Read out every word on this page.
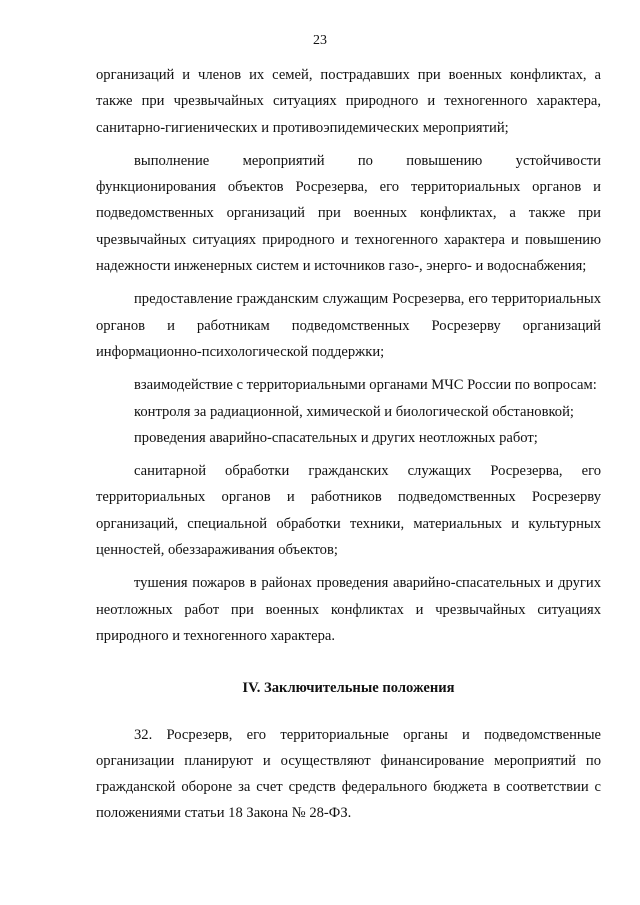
23

организаций и членов их семей, пострадавших при военных конфликтах, а также при чрезвычайных ситуациях природного и техногенного характера, санитарно-гигиенических и противоэпидемических мероприятий;

выполнение мероприятий по повышению устойчивости функционирования объектов Росрезерва, его территориальных органов и подведомственных организаций при военных конфликтах, а также при чрезвычайных ситуациях природного и техногенного характера и повышению надежности инженерных систем и источников газо-, энерго- и водоснабжения;

предоставление гражданским служащим Росрезерва, его территориальных органов и работникам подведомственных Росрезерву организаций информационно-психологической поддержки;

взаимодействие с территориальными органами МЧС России по вопросам:

контроля за радиационной, химической и биологической обстановкой;

проведения аварийно-спасательных и других неотложных работ;

санитарной обработки гражданских служащих Росрезерва, его территориальных органов и работников подведомственных Росрезерву организаций, специальной обработки техники, материальных и культурных ценностей, обеззараживания объектов;

тушения пожаров в районах проведения аварийно-спасательных и других неотложных работ при военных конфликтах и чрезвычайных ситуациях природного и техногенного характера.

IV. Заключительные положения

32. Росрезерв, его территориальные органы и подведомственные организации планируют и осуществляют финансирование мероприятий по гражданской обороне за счет средств федерального бюджета в соответствии с положениями статьи 18 Закона № 28-ФЗ.
